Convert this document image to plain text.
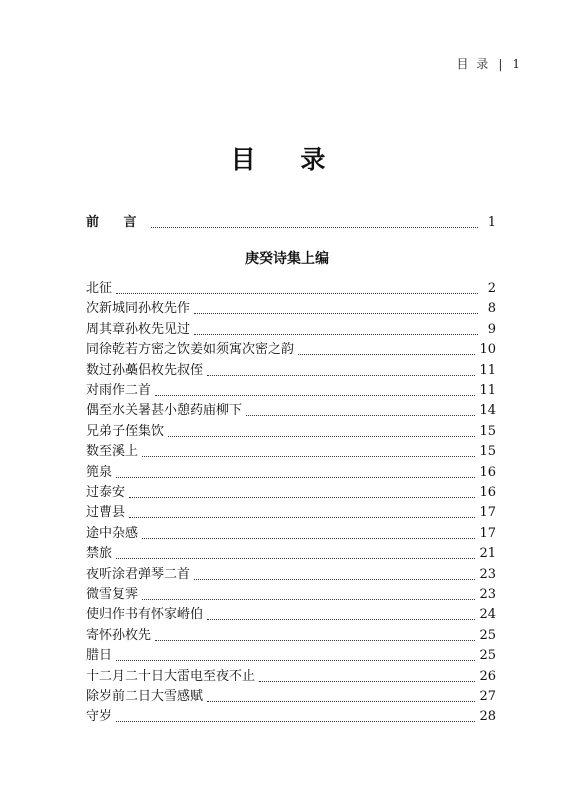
目 录 | 1
目 录
前 言	1
庚癸诗集上编
北征	2
次新城同孙枚先作	8
周其章孙枚先见过	9
同徐乾若方密之饮姜如须寓次密之韵	10
数过孙蘽侣枚先叔侄	11
对雨作二首	11
偶至水关暑甚小憩药庙柳下	14
兄弟子侄集饮	15
数至溪上	15
篼泉	16
过泰安	16
过曹县	17
途中杂感	17
禁旅	21
夜听涂君弹琴二首	23
微雪复霁	23
使归作书有怀家崻伯	24
寄怀孙枚先	25
腊日	25
十二月二十日大雷电至夜不止	26
除岁前二日大雪感赋	27
守岁	28
